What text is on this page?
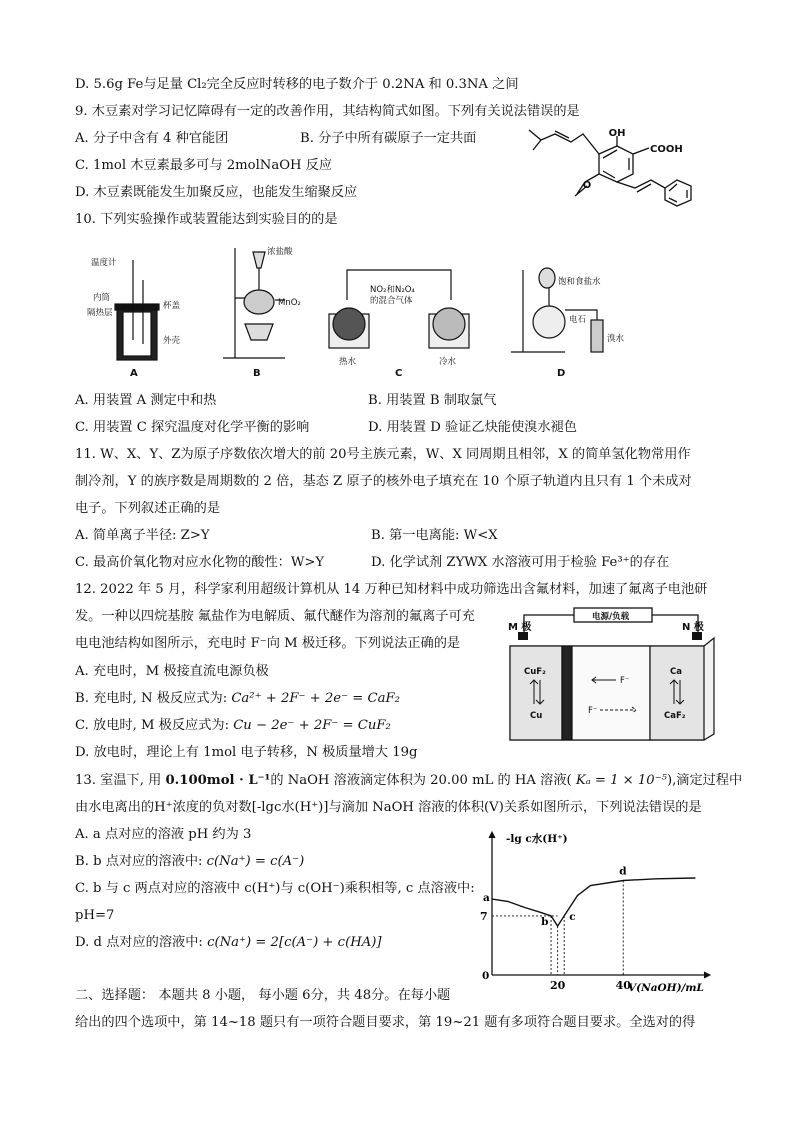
D. 5.6g Fe与足量 Cl₂完全反应时转移的电子数介于 0.2NA 和 0.3NA 之间
9. 木豆素对学习记忆障碍有一定的改善作用，其结构简式如图。下列有关说法错误的是
A. 分子中含有 4 种官能团	B. 分子中所有碳原子一定共面
C. 1mol 木豆素最多可与 2molNaOH 反应
D. 木豆素既能发生加聚反应，也能发生缩聚反应
OH
COOH
O
10. 下列实验操作或装置能达到实验目的的是
温度计
内筒
隔热层
杯盖
外壳
A
浓盐酸
MnO₂
B
NO₂和N₂O₄
的混合气体
热水	冷水
C
饱和食盐水
电石
溴水
D
A. 用装置 A 测定中和热	B. 用装置 B 制取氯气
C. 用装置 C 探究温度对化学平衡的影响	D. 用装置 D 验证乙炔能使溴水褪色
11. W、X、Y、Z为原子序数依次增大的前 20号主族元素，W、X 同周期且相邻，X 的简单氢化物常用作
制冷剂，Y 的族序数是周期数的 2 倍，基态 Z 原子的核外电子填充在 10 个原子轨道内且只有 1 个未成对
电子。下列叙述正确的是
A. 简单离子半径: Z>Y	B. 第一电离能: W<X
C. 最高价氧化物对应水化物的酸性：W>Y	D. 化学试剂 ZYWX 水溶液可用于检验 Fe³⁺的存在
12. 2022 年 5 月，科学家利用超级计算机从 14 万种已知材料中成功筛选出含氟材料，加速了氟离子电池研
发。一种以四烷基胺 氟盐作为电解质、氟代醚作为溶剂的氟离子可充
电电池结构如图所示，充电时 F⁻向 M 极迁移。下列说法正确的是
A. 充电时，M 极接直流电源负极
B. 充电时, N 极反应式为: Ca²⁺ + 2F⁻ + 2e⁻ = CaF₂
C. 放电时, M 极反应式为: Cu − 2e⁻ + 2F⁻ = CuF₂
D. 放电时，理论上有 1mol 电子转移，N 极质量增大 19g
电源/负载
M 极	N 极
CuF₂
Cu
Ca
CaF₂
F⁻
F⁻
13. 室温下, 用 0.100mol · L⁻¹的 NaOH 溶液滴定体积为 20.00 mL 的 HA 溶液( Kₐ = 1 × 10⁻⁵),滴定过程中
由水电离出的H⁺浓度的负对数[-lgc水(H⁺)]与滴加 NaOH 溶液的体积(V)关系如图所示，下列说法错误的是
A. a 点对应的溶液 pH 约为 3
B. b 点对应的溶液中: c(Na⁺) = c(A⁻)
C. b 与 c 两点对应的溶液中 c(H⁺)与 c(OH⁻)乘积相等, c 点溶液中:
pH=7
D. d 点对应的溶液中: c(Na⁺) = 2[c(A⁻) + c(HA)]
-lg c水(H⁺)
V(NaOH)/mL
0
20	40
7
a
b c
d
二、选择题： 本题共 8 小题， 每小题 6分，共 48分。在每小题
给出的四个选项中，第 14~18 题只有一项符合题目要求，第 19~21 题有多项符合题目要求。全选对的得
